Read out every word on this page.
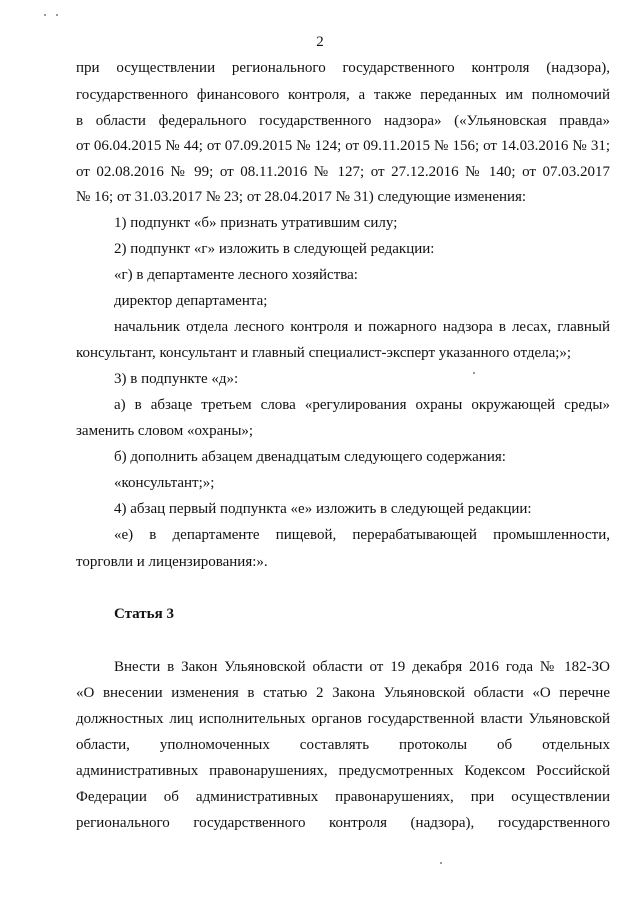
2
при осуществлении регионального государственного контроля (надзора),
государственного финансового контроля, а также переданных им полномочий
в области федерального государственного надзора» («Ульяновская правда»
от 06.04.2015 № 44; от 07.09.2015 № 124; от 09.11.2015 № 156; от 14.03.2016 № 31;
от 02.08.2016 № 99; от 08.11.2016 № 127; от 27.12.2016 № 140; от 07.03.2017
№ 16; от 31.03.2017 № 23; от 28.04.2017 № 31) следующие изменения:
1) подпункт «б» признать утратившим силу;
2) подпункт «г» изложить в следующей редакции:
«г) в департаменте лесного хозяйства:
директор департамента;
начальник отдела лесного контроля и пожарного надзора в лесах, главный
консультант, консультант и главный специалист-эксперт указанного отдела;»;
3) в подпункте «д»:
а) в абзаце третьем слова «регулирования охраны окружающей среды»
заменить словом «охраны»;
б) дополнить абзацем двенадцатым следующего содержания:
«консультант;»;
4) абзац первый подпункта «е» изложить в следующей редакции:
«е) в департаменте пищевой, перерабатывающей промышленности,
торговли и лицензирования:».
Статья 3
Внести в Закон Ульяновской области от 19 декабря 2016 года № 182-ЗО
«О внесении изменения в статью 2 Закона Ульяновской области «О перечне
должностных лиц исполнительных органов государственной власти Ульяновской
области, уполномоченных составлять протоколы об отдельных
административных правонарушениях, предусмотренных Кодексом Российской
Федерации об административных правонарушениях, при осуществлении
регионального государственного контроля (надзора), государственного
